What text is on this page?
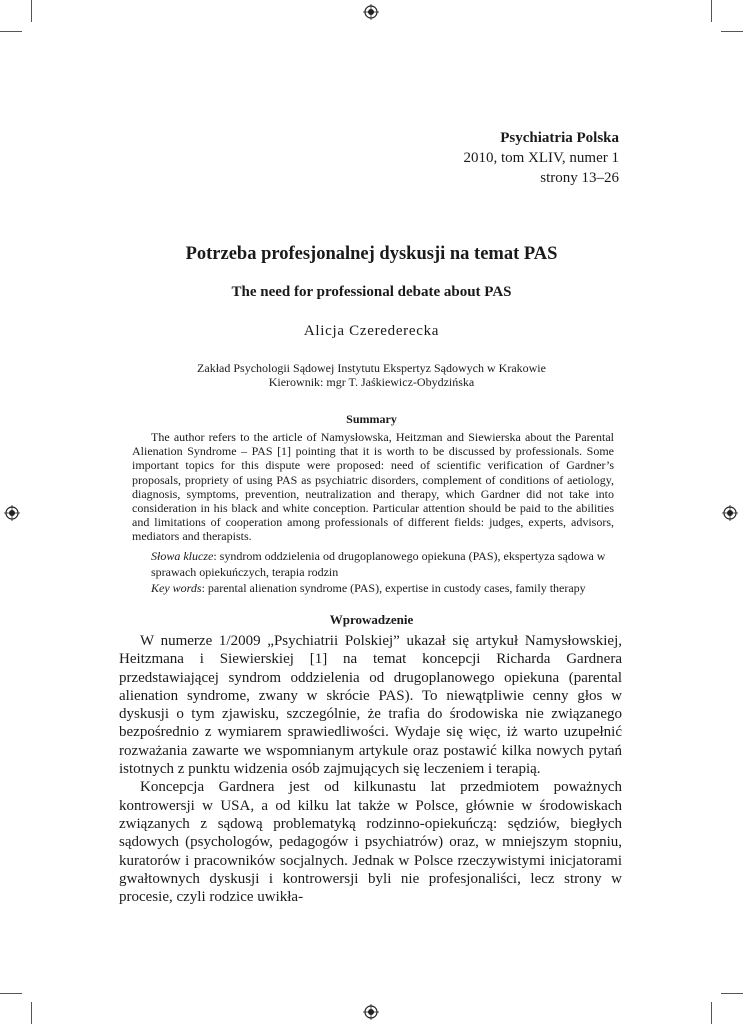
Psychiatria Polska
2010, tom XLIV, numer 1
strony 13–26
Potrzeba profesjonalnej dyskusji na temat PAS
The need for professional debate about PAS
Alicja Czerederecka
Zakład Psychologii Sądowej Instytutu Ekspertyz Sądowych w Krakowie
Kierownik: mgr T. Jaśkiewicz-Obydzińska
Summary

The author refers to the article of Namysłowska, Heitzman and Siewierska about the Parental Alienation Syndrome – PAS [1] pointing that it is worth to be discussed by professionals. Some important topics for this dispute were proposed: need of scientific verification of Gardner’s proposals, propriety of using PAS as psychiatric disorders, complement of conditions of aetiology, diagnosis, symptoms, prevention, neutralization and therapy, which Gardner did not take into consideration in his black and white conception. Particular attention should be paid to the abilities and limitations of cooperation among professionals of different fields: judges, experts, advisors, mediators and therapists.

Słowa klucze: syndrom oddzielenia od drugoplanowego opiekuna (PAS), ekspertyza sądowa w sprawach opiekuńczych, terapia rodzin
Key words: parental alienation syndrome (PAS), expertise in custody cases, family therapy
Wprowadzenie

W numerze 1/2009 „Psychiatrii Polskiej” ukazał się artykuł Namysłowskiej, Heitzmana i Siewierskiej [1] na temat koncepcji Richarda Gardnera przedstawiającej syndrom oddzielenia od drugoplanowego opiekuna (parental alienation syndrome, zwany w skrócie PAS). To niewątpliwie cenny głos w dyskusji o tym zjawisku, szczególnie, że trafia do środowiska nie związanego bezpośrednio z wymiarem sprawiedliwości. Wydaje się więc, iż warto uzupełnić rozważania zawarte we wspomnianym artykule oraz postawić kilka nowych pytań istotnych z punktu widzenia osób zajmujących się leczeniem i terapią.

Koncepcja Gardnera jest od kilkunastu lat przedmiotem poważnych kontrowersji w USA, a od kilku lat także w Polsce, głównie w środowiskach związanych z sądową problematyką rodzinno-opiekuńczą: sędziów, biegłych sądowych (psychologów, pedagogów i psychiatrów) oraz, w mniejszym stopniu, kuratorów i pracowników socjalnych. Jednak w Polsce rzeczywistymi inicjatorami gwałtownych dyskusji i kontrowersji byli nie profesjonaliści, lecz strony w procesie, czyli rodzice uwikła-
